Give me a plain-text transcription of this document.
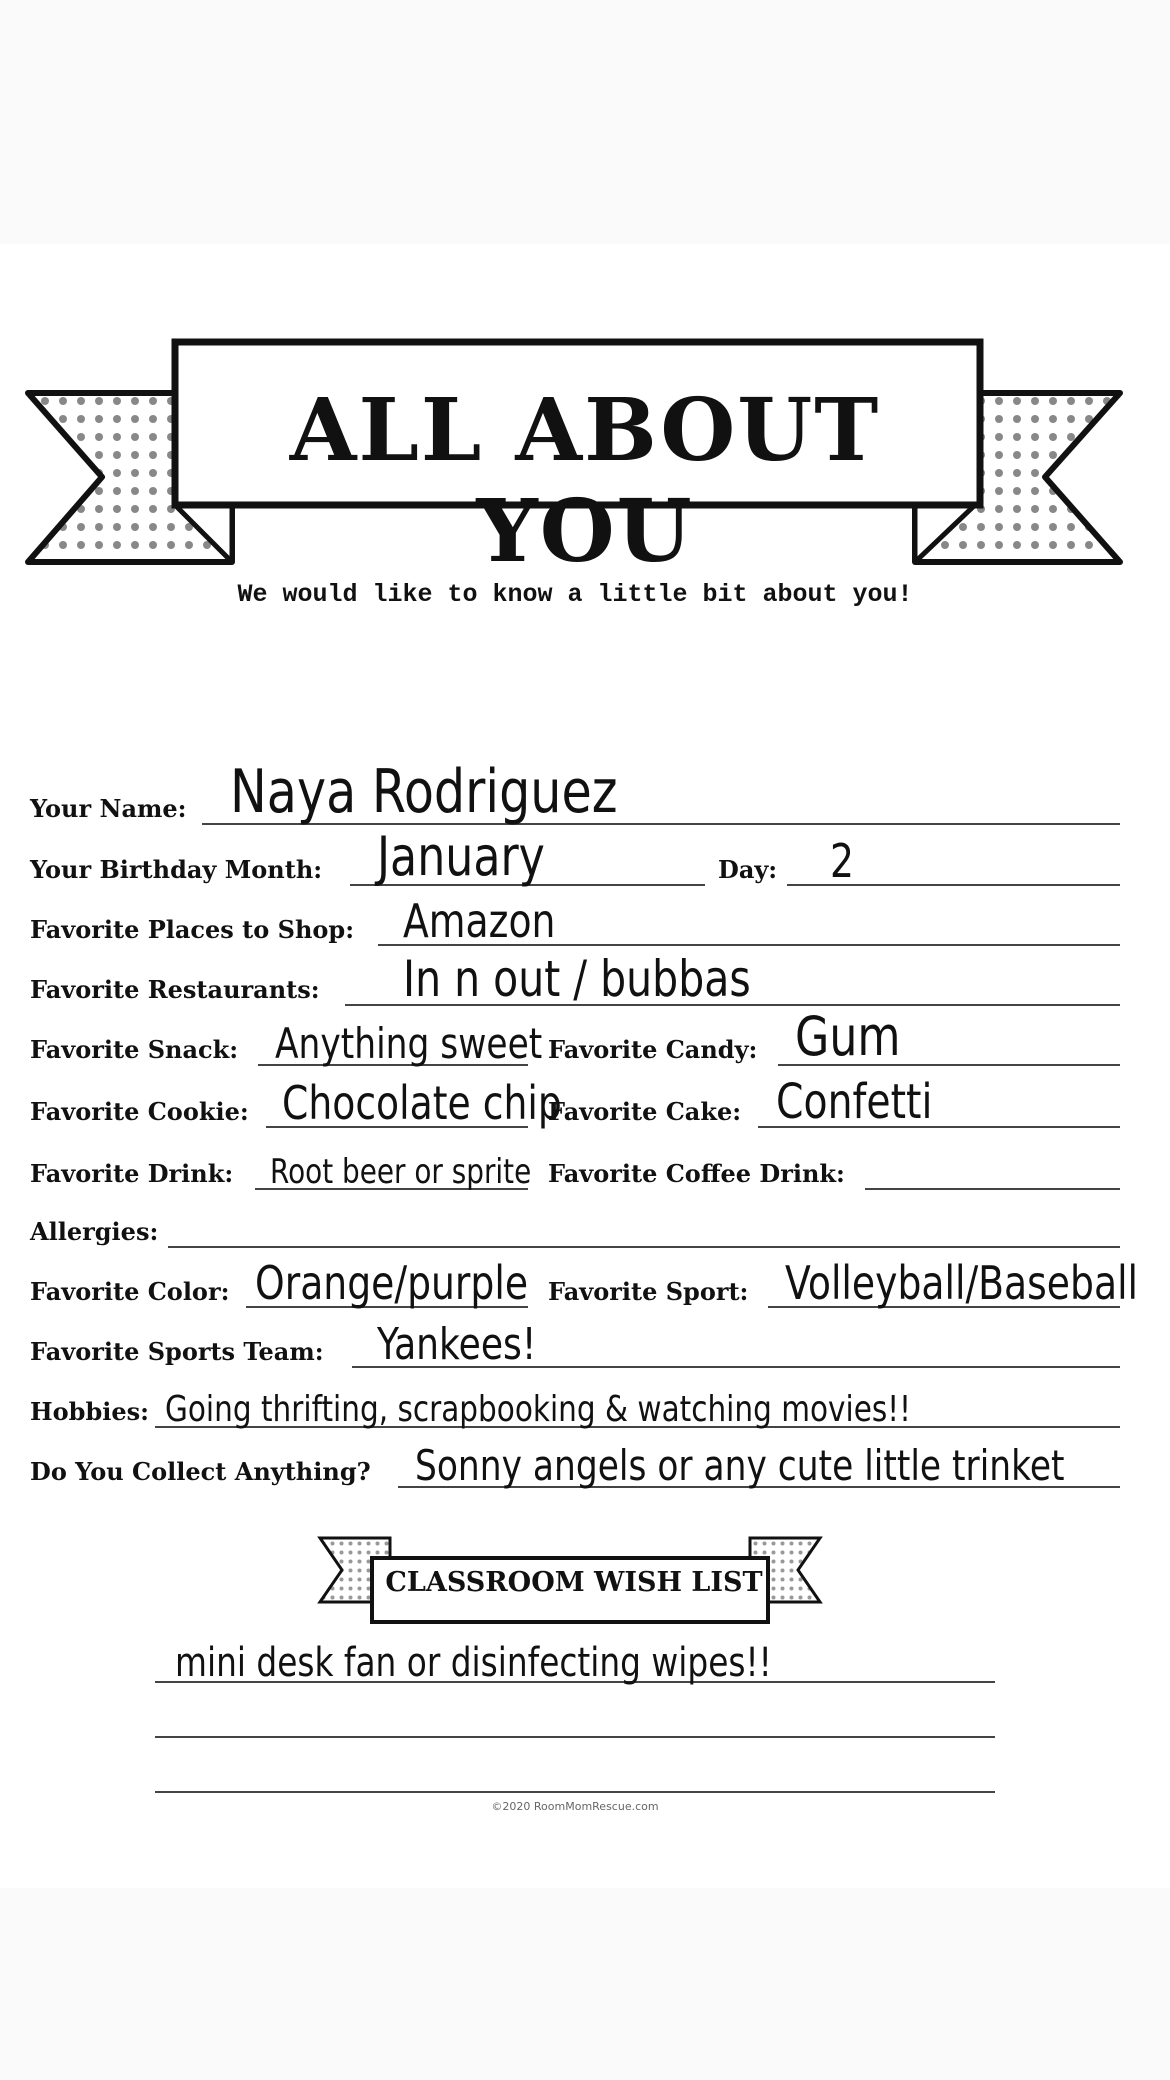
ALL ABOUT YOU
We would like to know a little bit about you!
Your Name: Naya Rodriguez
Your Birthday Month: January	Day: 2
Favorite Places to Shop: Amazon
Favorite Restaurants: In n out / bubbas
Favorite Snack: Anything sweet Favorite Candy: Gum
Favorite Cookie: Chocolate chip
Favorite Cake: Confetti
Favorite Drink: Root beer or sprite Favorite Coffee Drink:
Allergies:
Favorite Color: Orange/purple Favorite Sport: Volleyball/Baseball
Favorite Sports Team: Yankees!
Hobbies: Going thrifting, scrapbooking & watching movies!!
Do You Collect Anything? Sonny angels or any cute little trinket
CLASSROOM WISH LIST
mini desk fan or disinfecting wipes!!
©2020 RoomMomRescue.com
